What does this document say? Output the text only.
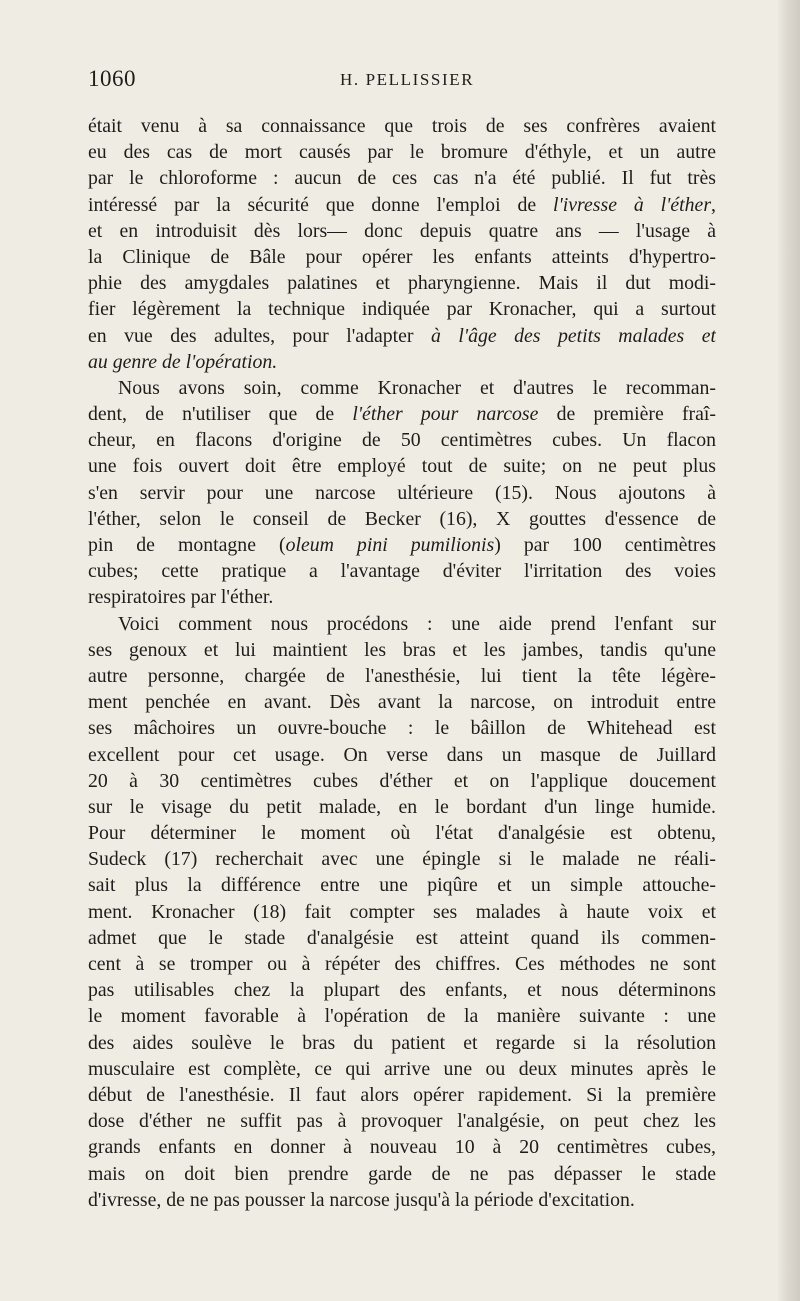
1060	H. PELLISSIER
était venu à sa connaissance que trois de ses confrères avaient
eu des cas de mort causés par le bromure d'éthyle, et un autre
par le chloroforme : aucun de ces cas n'a été publié. Il fut très
intéressé par la sécurité que donne l'emploi de l'ivresse à l'éther,
et en introduisit dès lors— donc depuis quatre ans — l'usage à
la Clinique de Bâle pour opérer les enfants atteints d'hypertro-
phie des amygdales palatines et pharyngienne. Mais il dut modi-
fier légèrement la technique indiquée par Kronacher, qui a surtout
en vue des adultes, pour l'adapter à l'âge des petits malades et
au genre de l'opération.
Nous avons soin, comme Kronacher et d'autres le recomman-
dent, de n'utiliser que de l'éther pour narcose de première fraî-
cheur, en flacons d'origine de 50 centimètres cubes. Un flacon
une fois ouvert doit être employé tout de suite; on ne peut plus
s'en servir pour une narcose ultérieure (15). Nous ajoutons à
l'éther, selon le conseil de Becker (16), X gouttes d'essence de
pin de montagne (oleum pini pumilionis) par 100 centimètres
cubes; cette pratique a l'avantage d'éviter l'irritation des voies
respiratoires par l'éther.
Voici comment nous procédons : une aide prend l'enfant sur
ses genoux et lui maintient les bras et les jambes, tandis qu'une
autre personne, chargée de l'anesthésie, lui tient la tête légère-
ment penchée en avant. Dès avant la narcose, on introduit entre
ses mâchoires un ouvre-bouche : le bâillon de Whitehead est
excellent pour cet usage. On verse dans un masque de Juillard
20 à 30 centimètres cubes d'éther et on l'applique doucement
sur le visage du petit malade, en le bordant d'un linge humide.
Pour déterminer le moment où l'état d'analgésie est obtenu,
Sudeck (17) recherchait avec une épingle si le malade ne réali-
sait plus la différence entre une piqûre et un simple attouche-
ment. Kronacher (18) fait compter ses malades à haute voix et
admet que le stade d'analgésie est atteint quand ils commen-
cent à se tromper ou à répéter des chiffres. Ces méthodes ne sont
pas utilisables chez la plupart des enfants, et nous déterminons
le moment favorable à l'opération de la manière suivante : une
des aides soulève le bras du patient et regarde si la résolution
musculaire est complète, ce qui arrive une ou deux minutes après le
début de l'anesthésie. Il faut alors opérer rapidement. Si la première
dose d'éther ne suffit pas à provoquer l'analgésie, on peut chez les
grands enfants en donner à nouveau 10 à 20 centimètres cubes,
mais on doit bien prendre garde de ne pas dépasser le stade
d'ivresse, de ne pas pousser la narcose jusqu'à la période d'excitation.
